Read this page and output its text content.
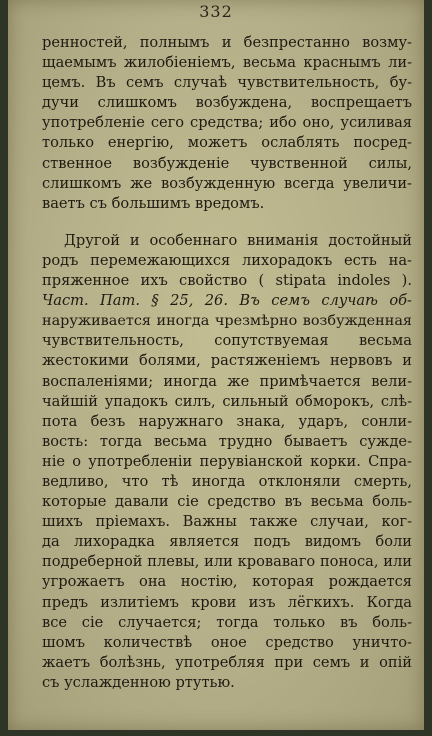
332
ренностей, полнымъ и безпрестанно возму-
щаемымъ жилобіеніемъ, весьма краснымъ ли-
цемъ. Въ семъ случаѣ чувствительность, бу-
дучи слишкомъ возбуждена, воспрещаетъ
употребленіе сего средства; ибо оно, усиливая
только енергію, можетъ ослаблять посред-
ственное возбужденіе чувственной силы,
слишкомъ же возбужденную всегда увеличи-
ваетъ съ большимъ вредомъ.
Другой и особеннаго вниманія достойный
родъ перемежающихся лихорадокъ есть на-
пряженное ихъ свойство ( stipata indoles ).
Част. Пат. § 25, 26. Въ семъ случаѣ об-
наруживается иногда чрезмѣрно возбужденная
чувствительность, сопутствуемая весьма
жестокими болями, растяженіемъ нервовъ и
воспаленіями; иногда же примѣчается вели-
чайшій упадокъ силъ, сильный обморокъ, слѣ-
пота безъ наружнаго знака, ударъ, сонли-
вость: тогда весьма трудно бываетъ сужде-
ніе о употребленіи перувіанской корки. Спра-
ведливо, что тѣ иногда отклоняли смерть,
которые давали сіе средство въ весьма боль-
шихъ пріемахъ. Важны также случаи, ког-
да лихорадка является подъ видомъ боли
подреберной плевы, или кроваваго поноса, или
угрожаетъ она ностію, которая рождается
предъ излитіемъ крови изъ лёгкихъ. Когда
все сіе случается; тогда только въ боль-
шомъ количествѣ оное средство уничто-
жаетъ болѣзнь, употребляя при семъ и опій
съ услажденною ртутью.
